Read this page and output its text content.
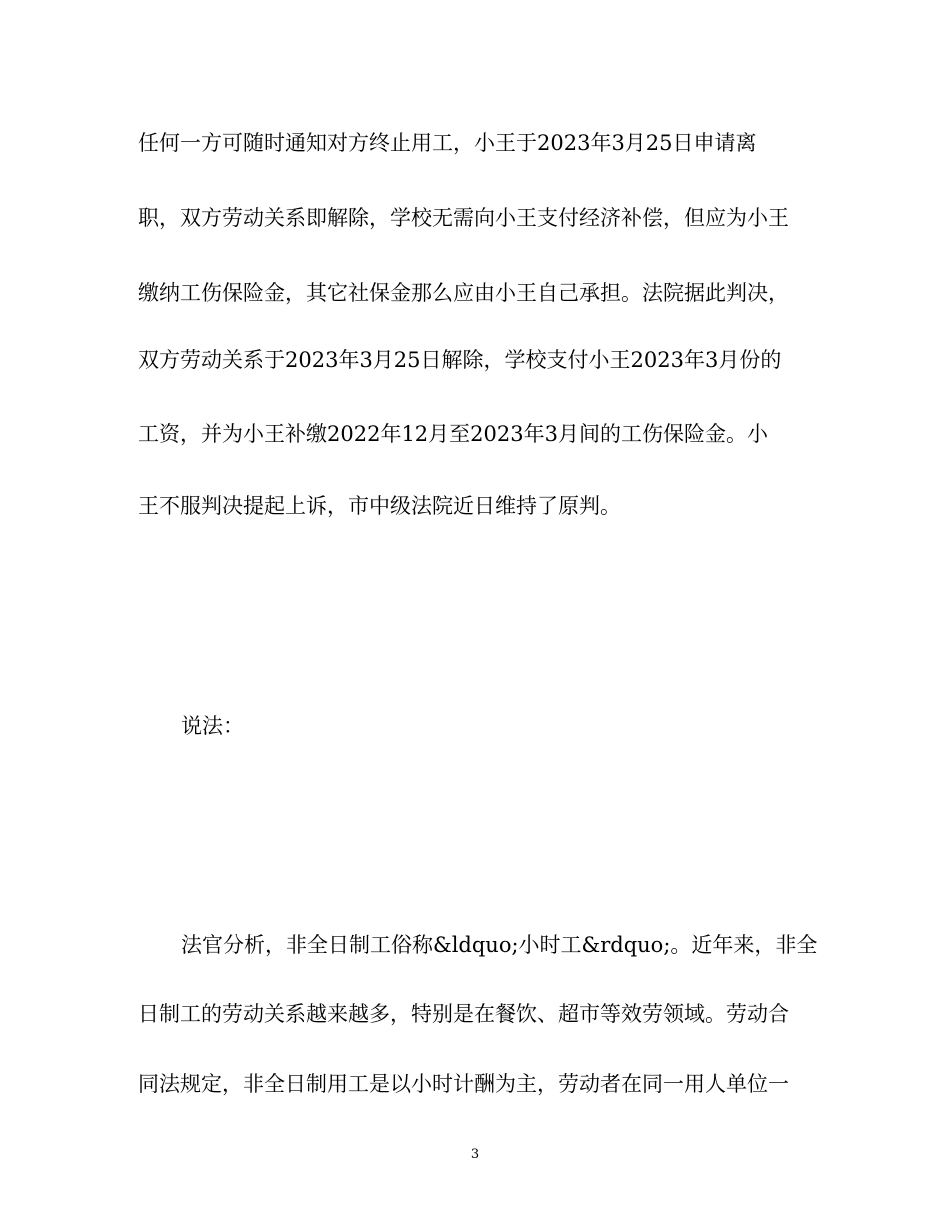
任何一方可随时通知对方终止用工，小王于2023年3月25日申请离
职，双方劳动关系即解除，学校无需向小王支付经济补偿，但应为小王
缴纳工伤保险金，其它社保金那么应由小王自己承担。法院据此判决，
双方劳动关系于2023年3月25日解除，学校支付小王2023年3月份的
工资，并为小王补缴2022年12月至2023年3月间的工伤保险金。小
王不服判决提起上诉，市中级法院近日维持了原判。
说法：
法官分析，非全日制工俗称&ldquo;小时工&rdquo;。近年来，非全
日制工的劳动关系越来越多，特别是在餐饮、超市等效劳领域。劳动合
同法规定，非全日制用工是以小时计酬为主，劳动者在同一用人单位一
3
